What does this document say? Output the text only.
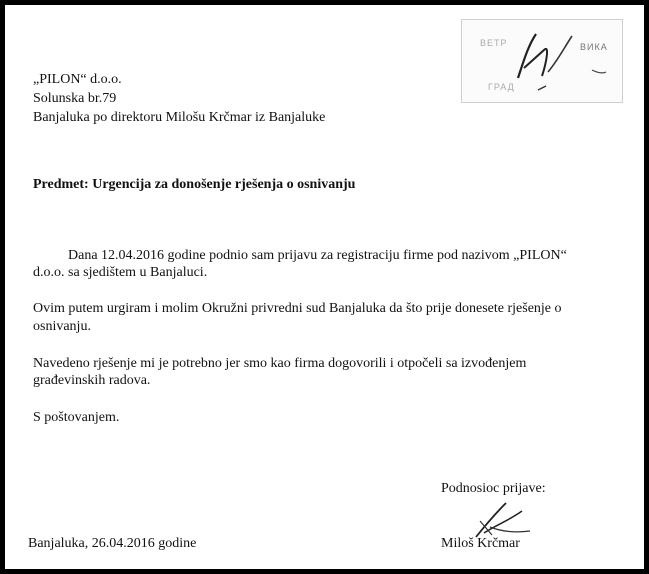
ВЕТР	ВИКА
ГРАД
„PILON“ d.o.o.
Solunska br.79
Banjaluka po direktoru Milošu Krčmar iz Banjaluke
Predmet: Urgencija za donošenje rješenja o osnivanju
Dana 12.04.2016 godine podnio sam prijavu za registraciju firme pod nazivom „PILON“
d.o.o. sa sjedištem u Banjaluci.
Ovim putem urgiram i molim Okružni privredni sud Banjaluka da što prije donesete rješenje o
osnivanju.
Navedeno rješenje mi je potrebno jer smo kao firma dogovorili i otpočeli sa izvođenjem
građevinskih radova.
S poštovanjem.
Podnosioc prijave:
Banjaluka, 26.04.2016 godine	Miloš Krčmar
